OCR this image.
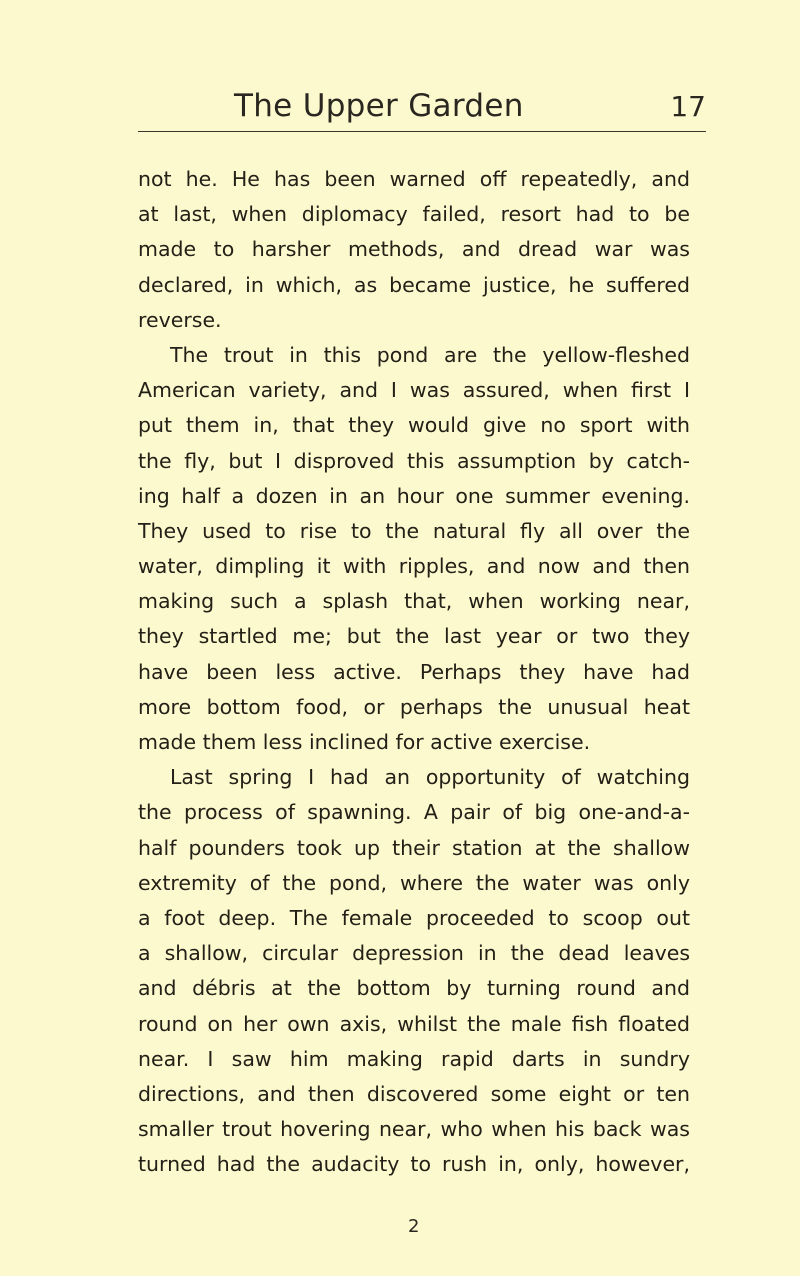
The Upper Garden	17
not he. He has been warned off repeatedly, and
at last, when diplomacy failed, resort had to be
made to harsher methods, and dread war was
declared, in which, as became justice, he suffered
reverse.
The trout in this pond are the yellow-fleshed
American variety, and I was assured, when first I
put them in, that they would give no sport with
the fly, but I disproved this assumption by catch-
ing half a dozen in an hour one summer evening.
They used to rise to the natural fly all over the
water, dimpling it with ripples, and now and then
making such a splash that, when working near,
they startled me; but the last year or two they
have been less active. Perhaps they have had
more bottom food, or perhaps the unusual heat
made them less inclined for active exercise.
Last spring I had an opportunity of watching
the process of spawning. A pair of big one-and-a-
half pounders took up their station at the shallow
extremity of the pond, where the water was only
a foot deep. The female proceeded to scoop out
a shallow, circular depression in the dead leaves
and débris at the bottom by turning round and
round on her own axis, whilst the male fish floated
near. I saw him making rapid darts in sundry
directions, and then discovered some eight or ten
smaller trout hovering near, who when his back was
turned had the audacity to rush in, only, however,
2
